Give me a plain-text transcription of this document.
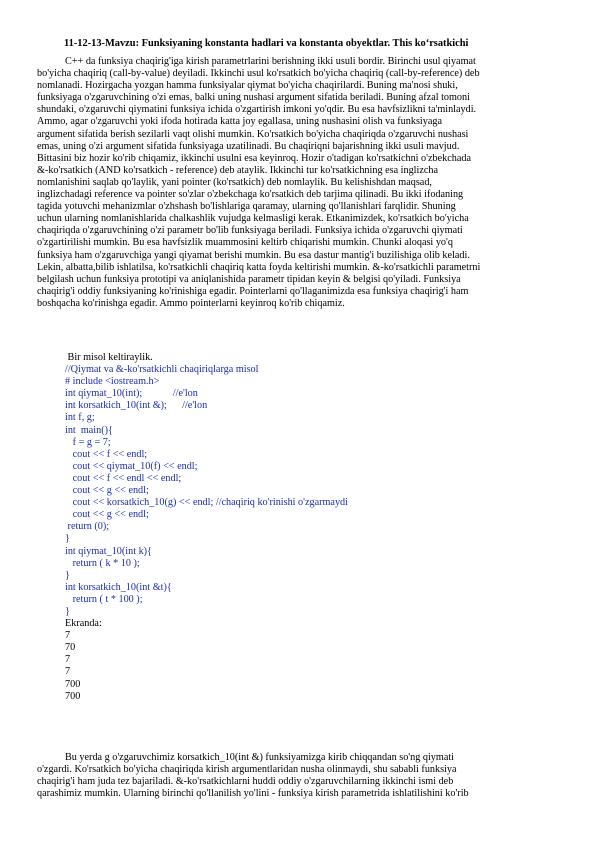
11-12-13-Mavzu: Funksiyaning konstanta hadlari va konstanta obyektlar. This ko‘rsatkichi
C++ da funksiya chaqirig'iga kirish parametrlarini berishning ikki usuli bordir. Birinchi usul qiyamat
bo'yicha chaqiriq (call-by-value) deyiladi. Ikkinchi usul ko'rsatkich bo'yicha chaqiriq (call-by-reference) deb
nomlanadi. Hozirgacha yozgan hamma funksiyalar qiymat bo'yicha chaqirilardi. Buning ma'nosi shuki,
funksiyaga o'zgaruvchining o'zi emas, balki uning nushasi argument sifatida beriladi. Buning afzal tomoni
shundaki, o'zgaruvchi qiymatini funksiya ichida o'zgartirish imkoni yo'qdir. Bu esa havfsizlikni ta'minlaydi.
Ammo, agar o'zgaruvchi yoki ifoda hotirada katta joy egallasa, uning nushasini olish va funksiyaga
argument sifatida berish sezilarli vaqt olishi mumkin. Ko'rsatkich bo'yicha chaqiriqda o'zgaruvchi nushasi
emas, uning o'zi argument sifatida funksiyaga uzatilinadi. Bu chaqiriqni bajarishning ikki usuli mavjud.
Bittasini biz hozir ko'rib chiqamiz, ikkinchi usulni esa keyinroq. Hozir o'tadigan ko'rsatkichni o'zbekchada
&-ko'rsatkich (AND ko'rsatkich - reference) deb ataylik. Ikkinchi tur ko'rsatkichning esa inglizcha
nomlanishini saqlab qo'laylik, yani pointer (ko'rsatkich) deb nomlaylik. Bu kelishishdan maqsad,
inglizchadagi reference va pointer so'zlar o'zbekchaga ko'rsatkich deb tarjima qilinadi. Bu ikki ifodaning
tagida yotuvchi mehanizmlar o'zhshash bo'lishlariga qaramay, ularning qo'llanishlari farqlidir. Shuning
uchun ularning nomlanishlarida chalkashlik vujudga kelmasligi kerak. Etkanimizdek, ko'rsatkich bo'yicha
chaqiriqda o'zgaruvchining o'zi parametr bo'lib funksiyaga beriladi. Funksiya ichida o'zgaruvchi qiymati
o'zgartirilishi mumkin. Bu esa havfsizlik muammosini keltirb chiqarishi mumkin. Chunki aloqasi yo'q
funksiya ham o'zgaruvchiga yangi qiyamat berishi mumkin. Bu esa dastur mantig'i buzilishiga olib keladi.
Lekin, albatta,bilib ishlatilsa, ko'rsatkichli chaqiriq katta foyda keltirishi mumkin. &-ko'rsatkichli parametrni
belgilash uchun funksiya prototipi va aniqlanishida parametr tipidan keyin & belgisi qo'yiladi. Funksiya
chaqirig'i oddiy funksiyaning ko'rinishiga egadir. Pointerlarni qo'llaganimizda esa funksiya chaqirig'i ham
boshqacha ko'rinishga egadir. Ammo pointerlarni keyinroq ko'rib chiqamiz.
Bir misol keltiraylik.
//Qiymat va &-ko'rsatkichli chaqiriqlarga misol
# include <iostream.h>
int qiymat_10(int);            //e'lon
int korsatkich_10(int &);      //e'lon
int f, g;
int  main(){
f = g = 7;
cout << f << endl;
cout << qiymat_10(f) << endl;
cout << f << endl << endl;
cout << g << endl;
cout << korsatkich_10(g) << endl; //chaqiriq ko'rinishi o'zgarmaydi
cout << g << endl;
return (0);
}
int qiymat_10(int k){
return ( k * 10 );
}
int korsatkich_10(int &t){
return ( t * 100 );
}
Ekranda:
7
70
7
7
700
700
Bu yerda g o'zgaruvchimiz korsatkich_10(int &) funksiyamizga kirib chiqqandan so'ng qiymati
o'zgardi. Ko'rsatkich bo'yicha chaqiriqda kirish argumentlaridan nusha olinmaydi, shu sababli funksiya
chaqirig'i ham juda tez bajariladi. &-ko'rsatkichlarni huddi oddiy o'zgaruvchilarning ikkinchi ismi deb
qarashimiz mumkin. Ularning birinchi qo'llanilish yo'lini - funksiya kirish parametrida ishlatilishini ko'rib
